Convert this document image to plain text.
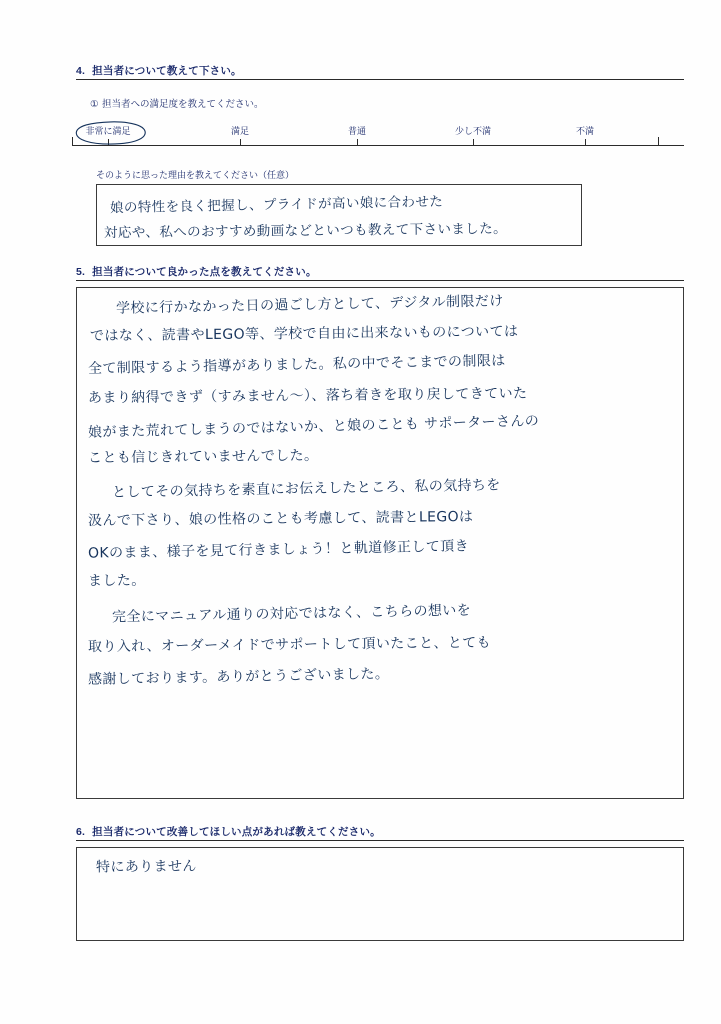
4. 担当者について教えて下さい。
① 担当者への満足度を教えてください。
非常に満足	満足	普通	少し不満	不満
そのように思った理由を教えてください（任意）
娘の特性を良く把握し、プライドが高い娘に合わせた
対応や、私へのおすすめ動画などといつも教えて下さいました。
5. 担当者について良かった点を教えてください。
学校に行かなかった日の過ごし方として、デジタル制限だけ
ではなく、読書やLEGO等、学校で自由に出来ないものについては
全て制限するよう指導がありました。私の中でそこまでの制限は
あまり納得できず（すみません～）、落ち着きを取り戻してきていた
娘がまた荒れてしまうのではないか、と娘のことも サポーターさんの
ことも信じきれていませんでした。
としてその気持ちを素直にお伝えしたところ、私の気持ちを
汲んで下さり、娘の性格のことも考慮して、読書とLEGOは
OKのまま、様子を見て行きましょう！と軌道修正して頂き
ました。
完全にマニュアル通りの対応ではなく、こちらの想いを
取り入れ、オーダーメイドでサポートして頂いたこと、とても
感謝しております。ありがとうございました。
6. 担当者について改善してほしい点があれば教えてください。
特にありません
